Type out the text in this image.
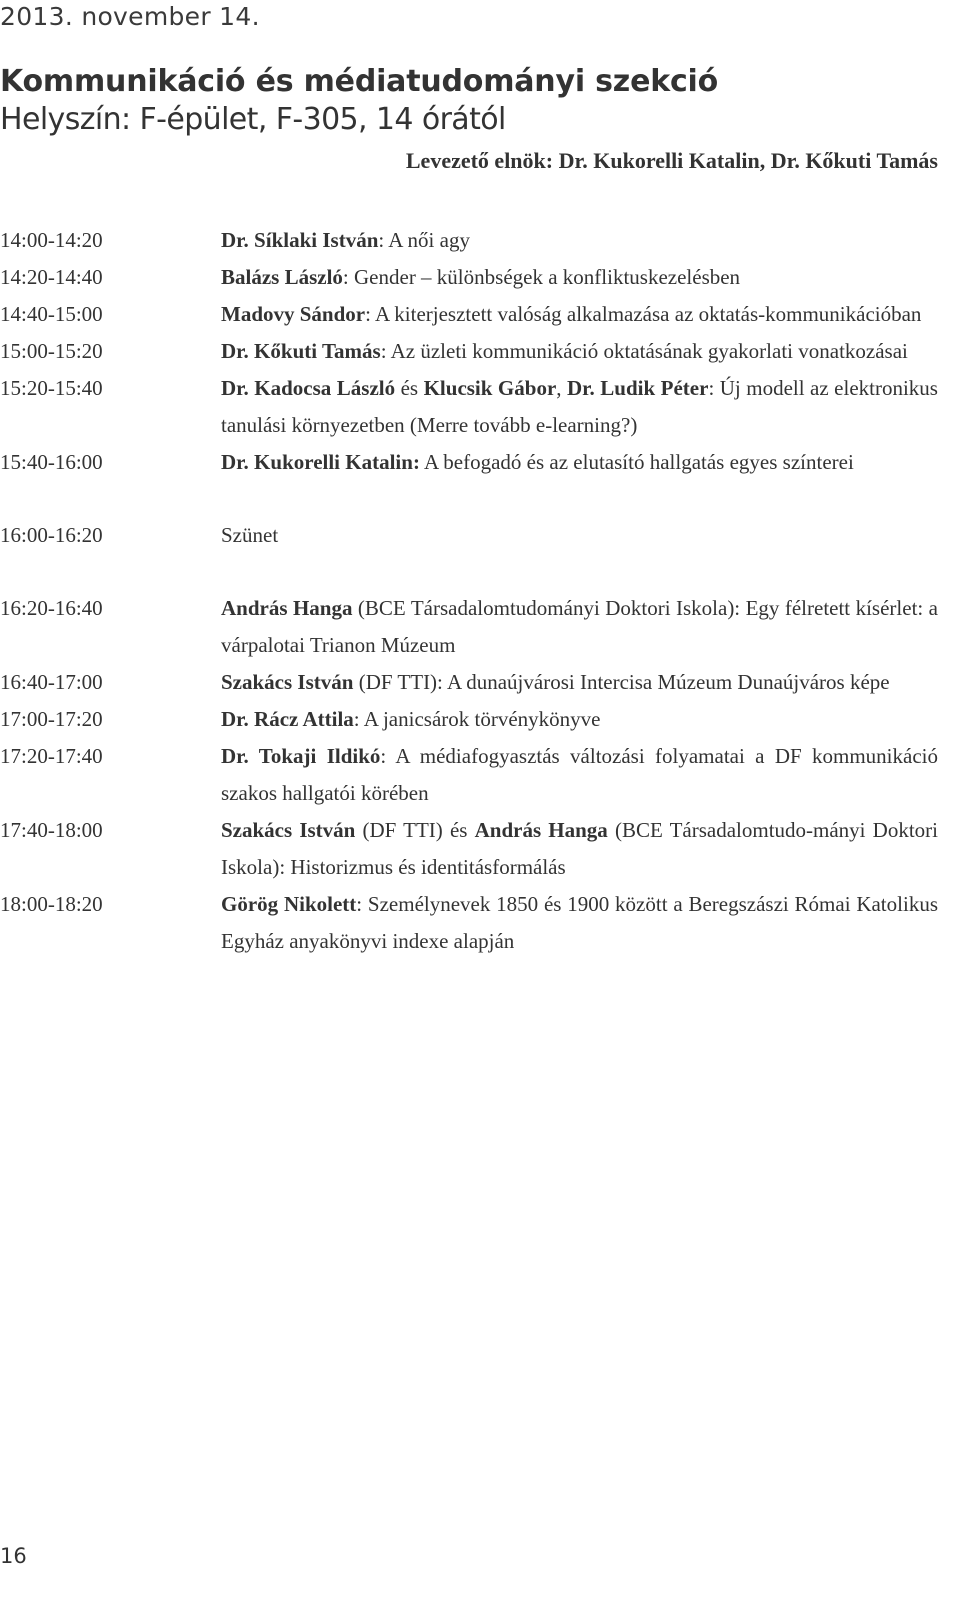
2013. november 14.
Kommunikáció és médiatudományi szekció
Helyszín: F-épület, F-305, 14 órától
Levezető elnök: Dr. Kukorelli Katalin, Dr. Kőkuti Tamás
14:00-14:20	Dr. Síklaki István: A női agy
14:20-14:40	Balázs László: Gender – különbségek a konfliktuskezelésben
14:40-15:00	Madovy Sándor: A kiterjesztett valóság alkalmazása az oktatás-kommunikációban
15:00-15:20	Dr. Kőkuti Tamás: Az üzleti kommunikáció oktatásának gyakorlati vonatkozásai
15:20-15:40	Dr. Kadocsa László és Klucsik Gábor, Dr. Ludik Péter: Új modell az elektronikus tanulási környezetben (Merre tovább e-learning?)
15:40-16:00	Dr. Kukorelli Katalin: A befogadó és az elutasító hallgatás egyes színterei
16:00-16:20	Szünet
16:20-16:40	András Hanga (BCE Társadalomtudományi Doktori Iskola): Egy félretett kísérlet: a várpalotai Trianon Múzeum
16:40-17:00	Szakács István (DF TTI): A dunaújvárosi Intercisa Múzeum Dunaújváros képe
17:00-17:20	Dr. Rácz Attila: A janicsárok törvénykönyve
17:20-17:40	Dr. Tokaji Ildikó: A médiafogyasztás változási folyamatai a DF kommunikáció szakos hallgatói körében
17:40-18:00	Szakács István (DF TTI) és András Hanga (BCE Társadalomtudo-mányi Doktori Iskola): Historizmus és identitásformálás
18:00-18:20	Görög Nikolett: Személynevek 1850 és 1900 között a Beregszászi Római Katolikus Egyház anyakönyvi indexe alapján
16
